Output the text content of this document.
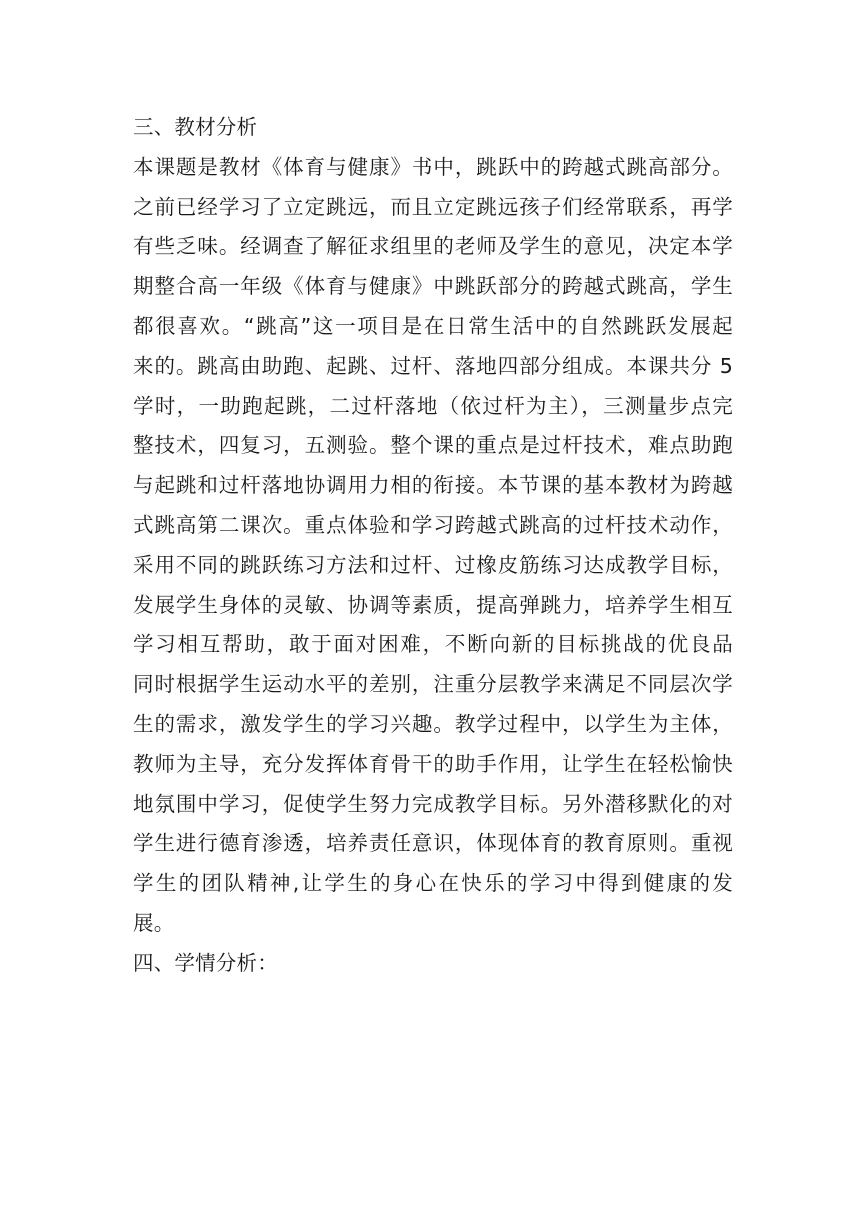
三、教材分析
本课题是教材《体育与健康》书中，跳跃中的跨越式跳高部分。
之前已经学习了立定跳远，而且立定跳远孩子们经常联系，再学
有些乏味。经调查了解征求组里的老师及学生的意见，决定本学
期整合高一年级《体育与健康》中跳跃部分的跨越式跳高，学生
都很喜欢。“跳高”这一项目是在日常生活中的自然跳跃发展起
来的。跳高由助跑、起跳、过杆、落地四部分组成。本课共分 5
学时，一助跑起跳，二过杆落地（依过杆为主），三测量步点完
整技术，四复习，五测验。整个课的重点是过杆技术，难点助跑
与起跳和过杆落地协调用力相的衔接。本节课的基本教材为跨越
式跳高第二课次。重点体验和学习跨越式跳高的过杆技术动作，
采用不同的跳跃练习方法和过杆、过橡皮筋练习达成教学目标，
发展学生身体的灵敏、协调等素质，提高弹跳力，培养学生相互
学习相互帮助，敢于面对困难，不断向新的目标挑战的优良品
同时根据学生运动水平的差别，注重分层教学来满足不同层次学
生的需求，激发学生的学习兴趣。教学过程中，以学生为主体，
教师为主导，充分发挥体育骨干的助手作用，让学生在轻松愉快
地氛围中学习，促使学生努力完成教学目标。另外潜移默化的对
学生进行德育渗透，培养责任意识，体现体育的教育原则。重视
学生的团队精神,让学生的身心在快乐的学习中得到健康的发
展。
四、学情分析：
